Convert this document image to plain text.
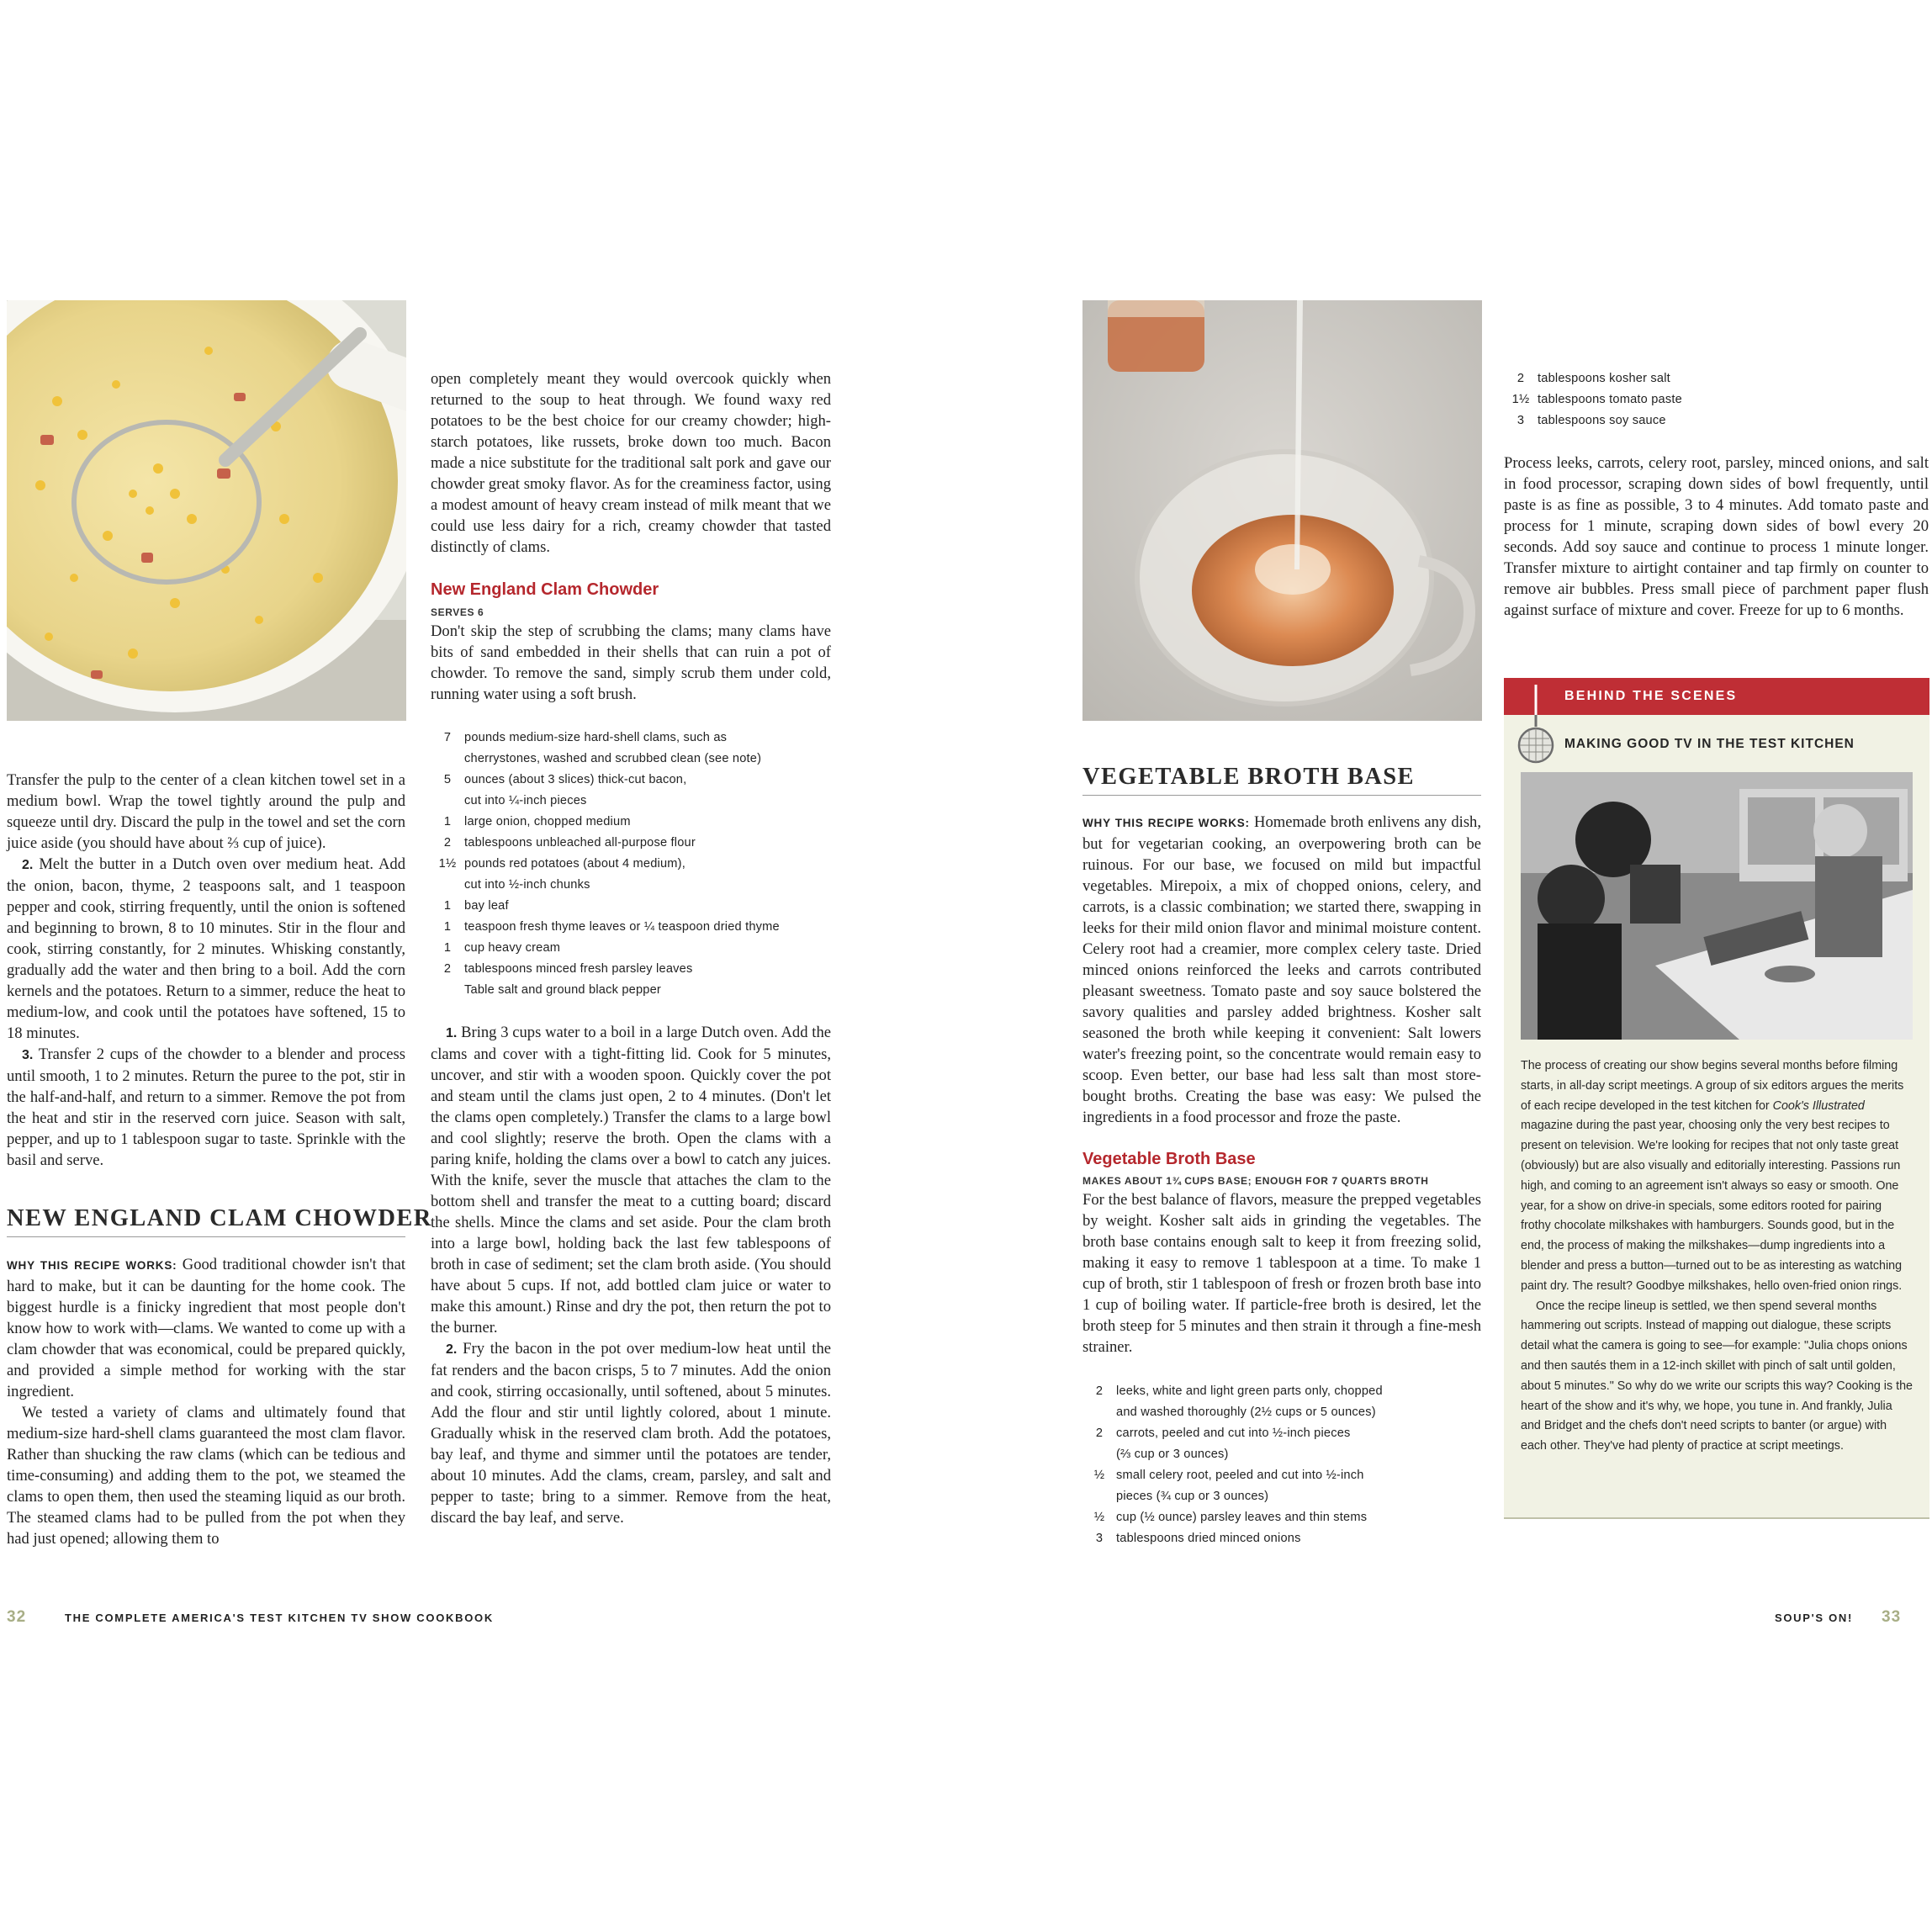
Transfer the pulp to the center of a clean kitchen towel set in a medium bowl. Wrap the towel tightly around the pulp and squeeze until dry. Discard the pulp in the towel and set the corn juice aside (you should have about ⅔ cup of juice).

2. Melt the butter in a Dutch oven over medium heat. Add the onion, bacon, thyme, 2 teaspoons salt, and 1 teaspoon pepper and cook, stirring frequently, until the onion is softened and beginning to brown, 8 to 10 minutes. Stir in the flour and cook, stirring constantly, for 2 minutes. Whisking constantly, gradually add the water and then bring to a boil. Add the corn kernels and the potatoes. Return to a simmer, reduce the heat to medium-low, and cook until the potatoes have softened, 15 to 18 minutes.

3. Transfer 2 cups of the chowder to a blender and process until smooth, 1 to 2 minutes. Return the puree to the pot, stir in the half-and-half, and return to a simmer. Remove the pot from the heat and stir in the reserved corn juice. Season with salt, pepper, and up to 1 tablespoon sugar to taste. Sprinkle with the basil and serve.

NEW ENGLAND CLAM CHOWDER

WHY THIS RECIPE WORKS: Good traditional chowder isn't that hard to make, but it can be daunting for the home cook. The biggest hurdle is a finicky ingredient that most people don't know how to work with—clams. We wanted to come up with a clam chowder that was economical, could be prepared quickly, and provided a simple method for working with the star ingredient.

We tested a variety of clams and ultimately found that medium-size hard-shell clams guaranteed the most clam flavor. Rather than shucking the raw clams (which can be tedious and time-consuming) and adding them to the pot, we steamed the clams to open them, then used the steaming liquid as our broth. The steamed clams had to be pulled from the pot when they had just opened; allowing them to

open completely meant they would overcook quickly when returned to the soup to heat through. We found waxy red potatoes to be the best choice for our creamy chowder; high-starch potatoes, like russets, broke down too much. Bacon made a nice substitute for the traditional salt pork and gave our chowder great smoky flavor. As for the creaminess factor, using a modest amount of heavy cream instead of milk meant that we could use less dairy for a rich, creamy chowder that tasted distinctly of clams.

New England Clam Chowder
SERVES 6

Don't skip the step of scrubbing the clams; many clams have bits of sand embedded in their shells that can ruin a pot of chowder. To remove the sand, simply scrub them under cold, running water using a soft brush.

7	pounds medium-size hard-shell clams, such as
cherrystones, washed and scrubbed clean (see note)
5	ounces (about 3 slices) thick-cut bacon,
cut into ¼-inch pieces
1	large onion, chopped medium
2	tablespoons unbleached all-purpose flour
1½ pounds red potatoes (about 4 medium),
cut into ½-inch chunks
1	bay leaf
1	teaspoon fresh thyme leaves or ¼ teaspoon dried thyme
1	cup heavy cream
2	tablespoons minced fresh parsley leaves
Table salt and ground black pepper

1. Bring 3 cups water to a boil in a large Dutch oven. Add the clams and cover with a tight-fitting lid. Cook for 5 minutes, uncover, and stir with a wooden spoon. Quickly cover the pot and steam until the clams just open, 2 to 4 minutes. (Don't let the clams open completely.) Transfer the clams to a large bowl and cool slightly; reserve the broth. Open the clams with a paring knife, holding the clams over a bowl to catch any juices. With the knife, sever the muscle that attaches the clam to the bottom shell and transfer the meat to a cutting board; discard the shells. Mince the clams and set aside. Pour the clam broth into a large bowl, holding back the last few tablespoons of broth in case of sediment; set the clam broth aside. (You should have about 5 cups. If not, add bottled clam juice or water to make this amount.) Rinse and dry the pot, then return the pot to the burner.

2. Fry the bacon in the pot over medium-low heat until the fat renders and the bacon crisps, 5 to 7 minutes. Add the onion and cook, stirring occasionally, until softened, about 5 minutes. Add the flour and stir until lightly colored, about 1 minute. Gradually whisk in the reserved clam broth. Add the potatoes, bay leaf, and thyme and simmer until the potatoes are tender, about 10 minutes. Add the clams, cream, parsley, and salt and pepper to taste; bring to a simmer. Remove from the heat, discard the bay leaf, and serve.

32	THE COMPLETE AMERICA'S TEST KITCHEN TV SHOW COOKBOOK
VEGETABLE BROTH BASE

WHY THIS RECIPE WORKS: Homemade broth enlivens any dish, but for vegetarian cooking, an overpowering broth can be ruinous. For our base, we focused on mild but impactful vegetables. Mirepoix, a mix of chopped onions, celery, and carrots, is a classic combination; we started there, swapping in leeks for their mild onion flavor and minimal moisture content. Celery root had a creamier, more complex celery taste. Dried minced onions reinforced the leeks and carrots contributed pleasant sweetness. Tomato paste and soy sauce bolstered the savory qualities and parsley added brightness. Kosher salt seasoned the broth while keeping it convenient: Salt lowers water's freezing point, so the concentrate would remain easy to scoop. Even better, our base had less salt than most store-bought broths. Creating the base was easy: We pulsed the ingredients in a food processor and froze the paste.

Vegetable Broth Base
MAKES ABOUT 1¾ CUPS BASE; ENOUGH FOR 7 QUARTS BROTH

For the best balance of flavors, measure the prepped vegetables by weight. Kosher salt aids in grinding the vegetables. The broth base contains enough salt to keep it from freezing solid, making it easy to remove 1 tablespoon at a time. To make 1 cup of broth, stir 1 tablespoon of fresh or frozen broth base into 1 cup of boiling water. If particle-free broth is desired, let the broth steep for 5 minutes and then strain it through a fine-mesh strainer.

2	leeks, white and light green parts only, chopped
and washed thoroughly (2½ cups or 5 ounces)
2	carrots, peeled and cut into ½-inch pieces
(⅔ cup or 3 ounces)
½ small celery root, peeled and cut into ½-inch
pieces (¾ cup or 3 ounces)
½ cup (½ ounce) parsley leaves and thin stems
3	tablespoons dried minced onions
2	tablespoons kosher salt
1½ tablespoons tomato paste
3	tablespoons soy sauce

Process leeks, carrots, celery root, parsley, minced onions, and salt in food processor, scraping down sides of bowl frequently, until paste is as fine as possible, 3 to 4 minutes. Add tomato paste and process for 1 minute, scraping down sides of bowl every 20 seconds. Add soy sauce and continue to process 1 minute longer. Transfer mixture to airtight container and tap firmly on counter to remove air bubbles. Press small piece of parchment paper flush against surface of mixture and cover. Freeze for up to 6 months.

BEHIND THE SCENES
MAKING GOOD TV IN THE TEST KITCHEN

The process of creating our show begins several months before filming starts, in all-day script meetings. A group of six editors argues the merits of each recipe developed in the test kitchen for Cook's Illustrated magazine during the past year, choosing only the very best recipes to present on television. We're looking for recipes that not only taste great (obviously) but are also visually and editorially interesting. Passions run high, and coming to an agreement isn't always so easy or smooth. One year, for a show on drive-in specials, some editors rooted for pairing frothy chocolate milkshakes with hamburgers. Sounds good, but in the end, the process of making the milkshakes—dump ingredients into a blender and press a button—turned out to be as interesting as watching paint dry. The result? Goodbye milkshakes, hello oven-fried onion rings.

Once the recipe lineup is settled, we then spend several months hammering out scripts. Instead of mapping out dialogue, these scripts detail what the camera is going to see—for example: "Julia chops onions and then sautés them in a 12-inch skillet with pinch of salt until golden, about 5 minutes." So why do we write our scripts this way? Cooking is the heart of the show and it's why, we hope, you tune in. And frankly, Julia and Bridget and the chefs don't need scripts to banter (or argue) with each other. They've had plenty of practice at script meetings.

SOUP'S ON! 33
